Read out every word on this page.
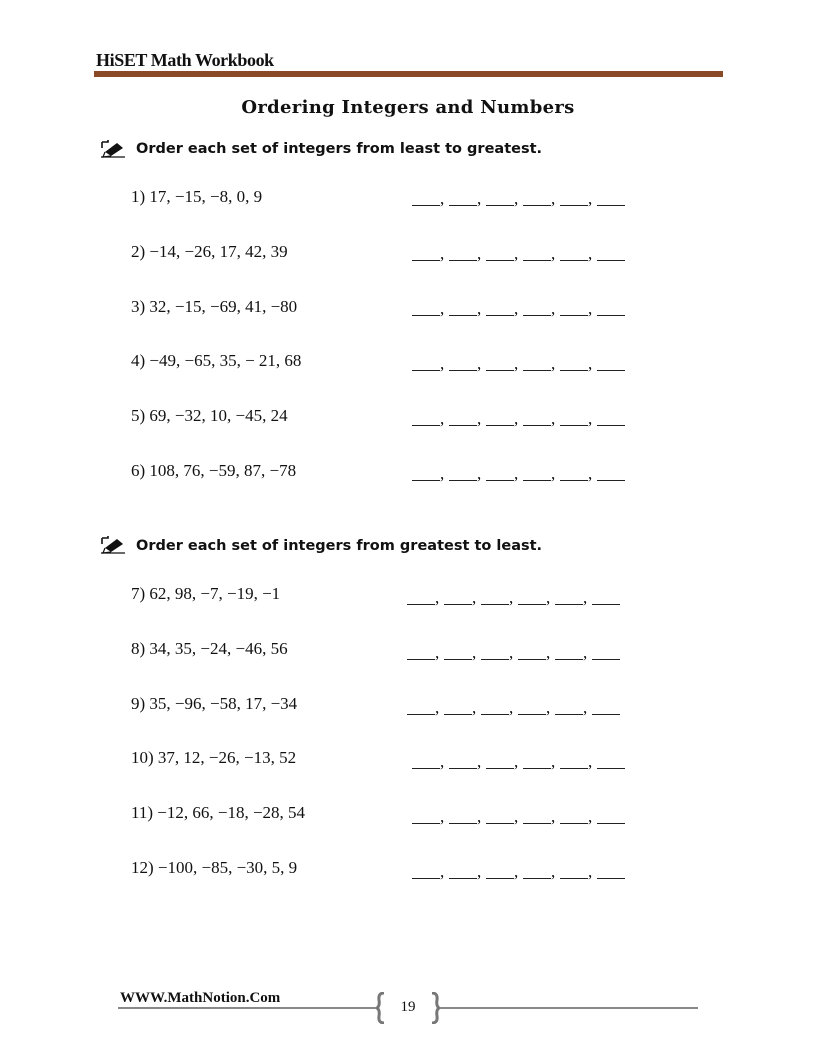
HiSET Math Workbook
Ordering Integers and Numbers
Order each set of integers from least to greatest.
1) 17, −15, −8, 0, 9
2) −14, −26, 17, 42, 39
3) 32, −15, −69, 41, −80
4) −49, −65, 35, − 21, 68
5) 69, −32, 10, −45, 24
6) 108, 76, −59, 87, −78
, , , , ,
, , , , ,
, , , , ,
, , , , ,
, , , , ,
, , , , ,
Order each set of integers from greatest to least.
7) 62, 98, −7, −19, −1
8) 34, 35, −24, −46, 56
9) 35, −96, −58, 17, −34
10) 37, 12, −26, −13, 52
11) −12, 66, −18, −28, 54
12) −100, −85, −30, 5, 9
, , , , ,
, , , , ,
, , , , ,
, , , , ,
, , , , ,
, , , , ,
WWW.MathNotion.Com
19
